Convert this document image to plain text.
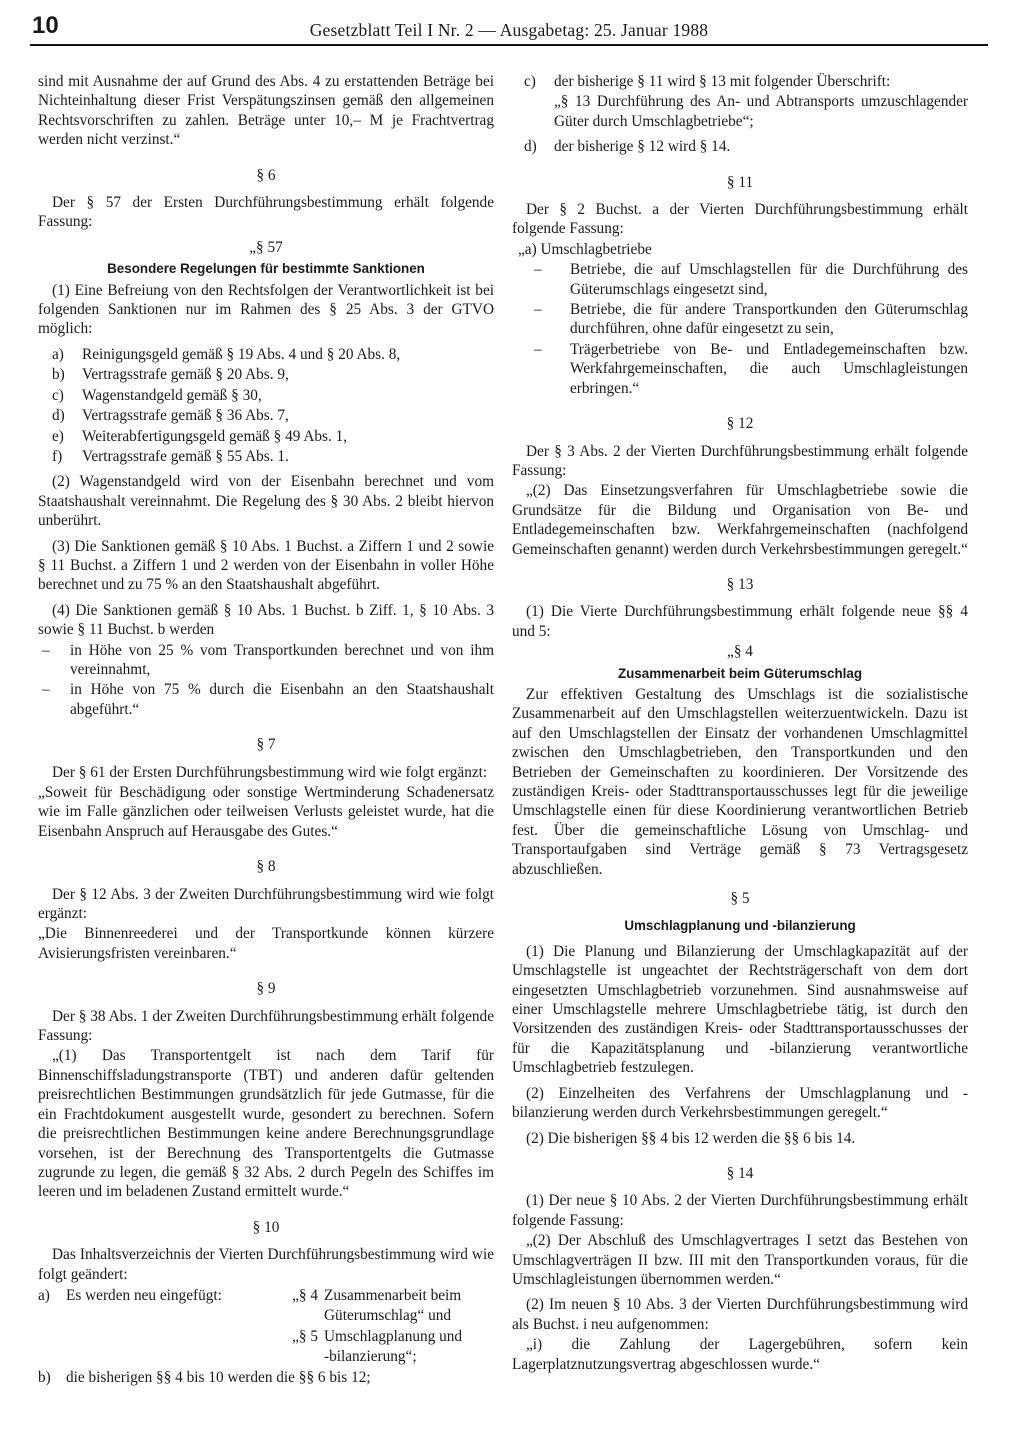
10	Gesetzblatt Teil I Nr. 2 — Ausgabetag: 25. Januar 1988

sind mit Ausnahme der auf Grund des Abs. 4 zu erstattenden Beträge bei Nichteinhaltung dieser Frist Verspätungszinsen gemäß den allgemeinen Rechtsvorschriften zu zahlen. Beträge unter 10,– M je Frachtvertrag werden nicht verzinst.“

§ 6

Der § 57 der Ersten Durchführungsbestimmung erhält folgende Fassung:

„§ 57
Besondere Regelungen für bestimmte Sanktionen

(1) Eine Befreiung von den Rechtsfolgen der Verantwortlichkeit ist bei folgenden Sanktionen nur im Rahmen des § 25 Abs. 3 der GTVO möglich:

a)	Reinigungsgeld gemäß § 19 Abs. 4 und § 20 Abs. 8,
b)	Vertragsstrafe gemäß § 20 Abs. 9,
c)	Wagenstandgeld gemäß § 30,
d)	Vertragsstrafe gemäß § 36 Abs. 7,
e)	Weiterabfertigungsgeld gemäß § 49 Abs. 1,
f)	Vertragsstrafe gemäß § 55 Abs. 1.

(2) Wagenstandgeld wird von der Eisenbahn berechnet und vom Staatshaushalt vereinnahmt. Die Regelung des § 30 Abs. 2 bleibt hiervon unberührt.

(3) Die Sanktionen gemäß § 10 Abs. 1 Buchst. a Ziffern 1 und 2 sowie § 11 Buchst. a Ziffern 1 und 2 werden von der Eisenbahn in voller Höhe berechnet und zu 75 % an den Staatshaushalt abgeführt.

(4) Die Sanktionen gemäß § 10 Abs. 1 Buchst. b Ziff. 1, § 10 Abs. 3 sowie § 11 Buchst. b werden

–	in Höhe von 25 % vom Transportkunden berechnet und von ihm vereinnahmt,
–	in Höhe von 75 % durch die Eisenbahn an den Staatshaushalt abgeführt.“
§ 7

Der § 61 der Ersten Durchführungsbestimmung wird wie folgt ergänzt:

„Soweit für Beschädigung oder sonstige Wertminderung Schadenersatz wie im Falle gänzlichen oder teilweisen Verlusts geleistet wurde, hat die Eisenbahn Anspruch auf Herausgabe des Gutes.“

§ 8

Der § 12 Abs. 3 der Zweiten Durchführungsbestimmung wird wie folgt ergänzt:

„Die Binnenreederei und der Transportkunde können kürzere Avisierungsfristen vereinbaren.“

§ 9

Der § 38 Abs. 1 der Zweiten Durchführungsbestimmung erhält folgende Fassung:

„(1) Das Transportentgelt ist nach dem Tarif für Binnenschiffsladungstransporte (TBT) und anderen dafür geltenden preisrechtlichen Bestimmungen grundsätzlich für jede Gutmasse, für die ein Frachtdokument ausgestellt wurde, gesondert zu berechnen. Sofern die preisrechtlichen Bestimmungen keine andere Berechnungsgrundlage vorsehen, ist der Berechnung des Transportentgelts die Gutmasse zugrunde zu legen, die gemäß § 32 Abs. 2 durch Pegeln des Schiffes im leeren und im beladenen Zustand ermittelt wurde.“

§ 10

Das Inhaltsverzeichnis der Vierten Durchführungsbestimmung wird wie folgt geändert:

a)	Es werden neu eingefügt:	„§ 4 Zusammenarbeit beim
Güterumschlag“ und
„§ 5 Umschlagplanung und
-bilanzierung“;
b) die bisherigen §§ 4 bis 10 werden die §§ 6 bis 12;
c)	der bisherige § 11 wird § 13 mit folgender Überschrift:

„§ 13 Durchführung des An- und Abtransports umzuschlagender Güter durch Umschlagbetriebe“;

d)	der bisherige § 12 wird § 14.
§ 11

Der § 2 Buchst. a der Vierten Durchführungsbestimmung erhält folgende Fassung:

„a) Umschlagbetriebe

–	Betriebe, die auf Umschlagstellen für die Durchführung des Güterumschlags eingesetzt sind,
–	Betriebe, die für andere Transportkunden den Güterumschlag durchführen, ohne dafür eingesetzt zu sein,
–	Trägerbetriebe von Be- und Entladegemeinschaften bzw. Werkfahrgemeinschaften, die auch Umschlagleistungen erbringen.“
§ 12

Der § 3 Abs. 2 der Vierten Durchführungsbestimmung erhält folgende Fassung:

„(2) Das Einsetzungsverfahren für Umschlagbetriebe sowie die Grundsätze für die Bildung und Organisation von Be- und Entladegemeinschaften bzw. Werkfahrgemeinschaften (nachfolgend Gemeinschaften genannt) werden durch Verkehrsbestimmungen geregelt.“

§ 13

(1) Die Vierte Durchführungsbestimmung erhält folgende neue §§ 4 und 5:

„§ 4
Zusammenarbeit beim Güterumschlag

Zur effektiven Gestaltung des Umschlags ist die sozialistische Zusammenarbeit auf den Umschlagstellen weiterzuentwickeln. Dazu ist auf den Umschlagstellen der Einsatz der vorhandenen Umschlagmittel zwischen den Umschlagbetrieben, den Transportkunden und den Betrieben der Gemeinschaften zu koordinieren. Der Vorsitzende des zuständigen Kreis- oder Stadttransportausschusses legt für die jeweilige Umschlagstelle einen für diese Koordinierung verantwortlichen Betrieb fest. Über die gemeinschaftliche Lösung von Umschlag- und Transportaufgaben sind Verträge gemäß § 73 Vertragsgesetz abzuschließen.

§ 5
Umschlagplanung und -bilanzierung

(1) Die Planung und Bilanzierung der Umschlagkapazität auf der Umschlagstelle ist ungeachtet der Rechtsträgerschaft von dem dort eingesetzten Umschlagbetrieb vorzunehmen. Sind ausnahmsweise auf einer Umschlagstelle mehrere Umschlagbetriebe tätig, ist durch den Vorsitzenden des zuständigen Kreis- oder Stadttransportausschusses der für die Kapazitätsplanung und -bilanzierung verantwortliche Umschlagbetrieb festzulegen.

(2) Einzelheiten des Verfahrens der Umschlagplanung und -bilanzierung werden durch Verkehrsbestimmungen geregelt.“

(2) Die bisherigen §§ 4 bis 12 werden die §§ 6 bis 14.

§ 14

(1) Der neue § 10 Abs. 2 der Vierten Durchführungsbestimmung erhält folgende Fassung:

„(2) Der Abschluß des Umschlagvertrages I setzt das Bestehen von Umschlagverträgen II bzw. III mit den Transportkunden voraus, für die Umschlagleistungen übernommen werden.“

(2) Im neuen § 10 Abs. 3 der Vierten Durchführungsbestimmung wird als Buchst. i neu aufgenommen:

„i) die Zahlung der Lagergebühren, sofern kein Lagerplatznutzungsvertrag abgeschlossen wurde.“
